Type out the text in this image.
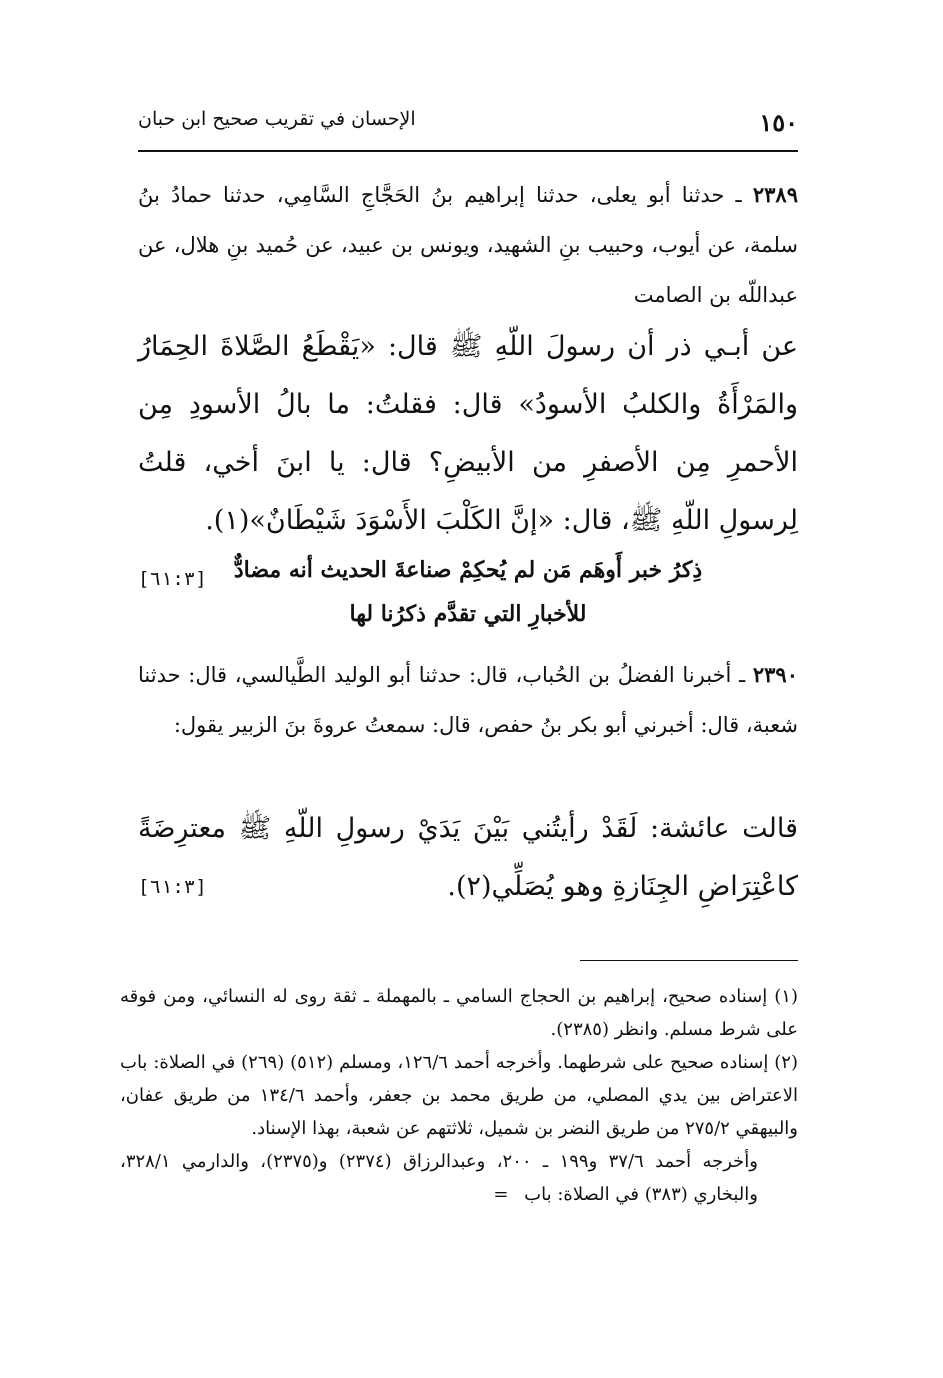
١٥٠
الإحسان في تقريب صحيح ابن حبان
٢٣٨٩ ـ حدثنا أبو يعلى، حدثنا إبراهيم بنُ الحَجَّاجِ السَّامِي، حدثنا حمادُ بنُ سلمة، عن أيوب، وحبيب بنِ الشهيد، ويونس بن عبيد، عن حُميد بنِ هلال، عن عبداللّه بن الصامت
عن أبـي ذر أن رسولَ اللّهِ ﷺ قال: «يَقْطَعُ الصَّلاةَ الحِمَارُ والمَرْأَةُ والكلبُ الأسودُ» قال: فقلتُ: ما بالُ الأسودِ مِن الأحمرِ مِن الأصفرِ من الأبيضِ؟ قال: يا ابنَ أخي، قلتُ لِرسولِ اللّهِ ﷺ، قال: «إنَّ الكَلْبَ الأَسْوَدَ شَيْطَانٌ»(١).
[٦١:٣]	ذِكرُ خبر أَوهَم مَن لم يُحكِمْ صناعةَ الحديث أنه مضادٌّ
للأخبارِ التي تقدَّم ذكرُنا لها
٢٣٩٠ ـ أخبرنا الفضلُ بن الحُباب، قال: حدثنا أبو الوليد الطَّيالسي، قال: حدثنا شعبة، قال: أخبرني أبو بكر بنُ حفص، قال: سمعتُ عروةَ بنَ الزبير يقول:
قالت عائشة: لَقَدْ رأيتُني بَيْنَ يَدَيْ رسولِ اللّهِ ﷺ معترِضَةً كاعْتِرَاضِ الجِنَازةِ وهو يُصَلِّي(٢).
[٦١:٣]

(١) إسناده صحيح، إبراهيم بن الحجاج السامي ـ بالمهملة ـ ثقة روى له النسائي، ومن فوقه على شرط مسلم. وانظر (٢٣٨٥).

(٢) إسناده صحيح على شرطهما. وأخرجه أحمد ١٢٦/٦، ومسلم (٥١٢) (٢٦٩) في الصلاة: باب الاعتراض بين يدي المصلي، من طريق محمد بن جعفر، وأحمد ١٣٤/٦ من طريق عفان، والبيهقي ٢٧٥/٢ من طريق النضر بن شميل، ثلاثتهم عن شعبة، بهذا الإسناد.

وأخرجه أحمد ٣٧/٦ و١٩٩ ـ ٢٠٠، وعبدالرزاق (٢٣٧٤) و(٢٣٧٥)، والدارمي ٣٢٨/١، والبخاري (٣٨٣) في الصلاة: باب =
